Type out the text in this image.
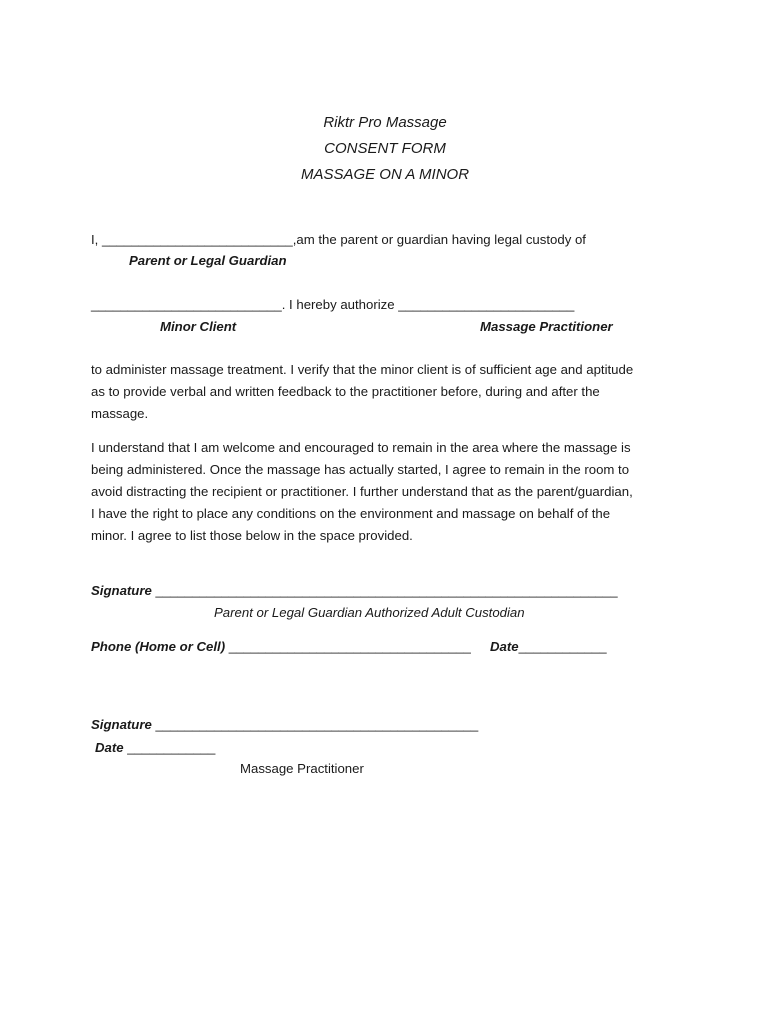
Riktr Pro Massage
CONSENT FORM
MASSAGE ON A MINOR
I, __________________________,am the parent or guardian having legal custody of
Parent or Legal Guardian
__________________________. I hereby authorize ________________________
Minor Client	Massage Practitioner
to administer massage treatment. I verify that the minor client is of sufficient age and aptitude
as to provide verbal and written feedback to the practitioner before, during and after the
massage.
I understand that I am welcome and encouraged to remain in the area where the massage is
being administered. Once the massage has actually started, I agree to remain in the room to
avoid distracting the recipient or practitioner. I further understand that as the parent/guardian,
I have the right to place any conditions on the environment and massage on behalf of the
minor. I agree to list those below in the space provided.
Signature _______________________________________________________________
Parent or Legal Guardian Authorized Adult Custodian
Phone (Home or Cell) _________________________________ Date____________
Signature ____________________________________________
Date ____________
Massage Practitioner
